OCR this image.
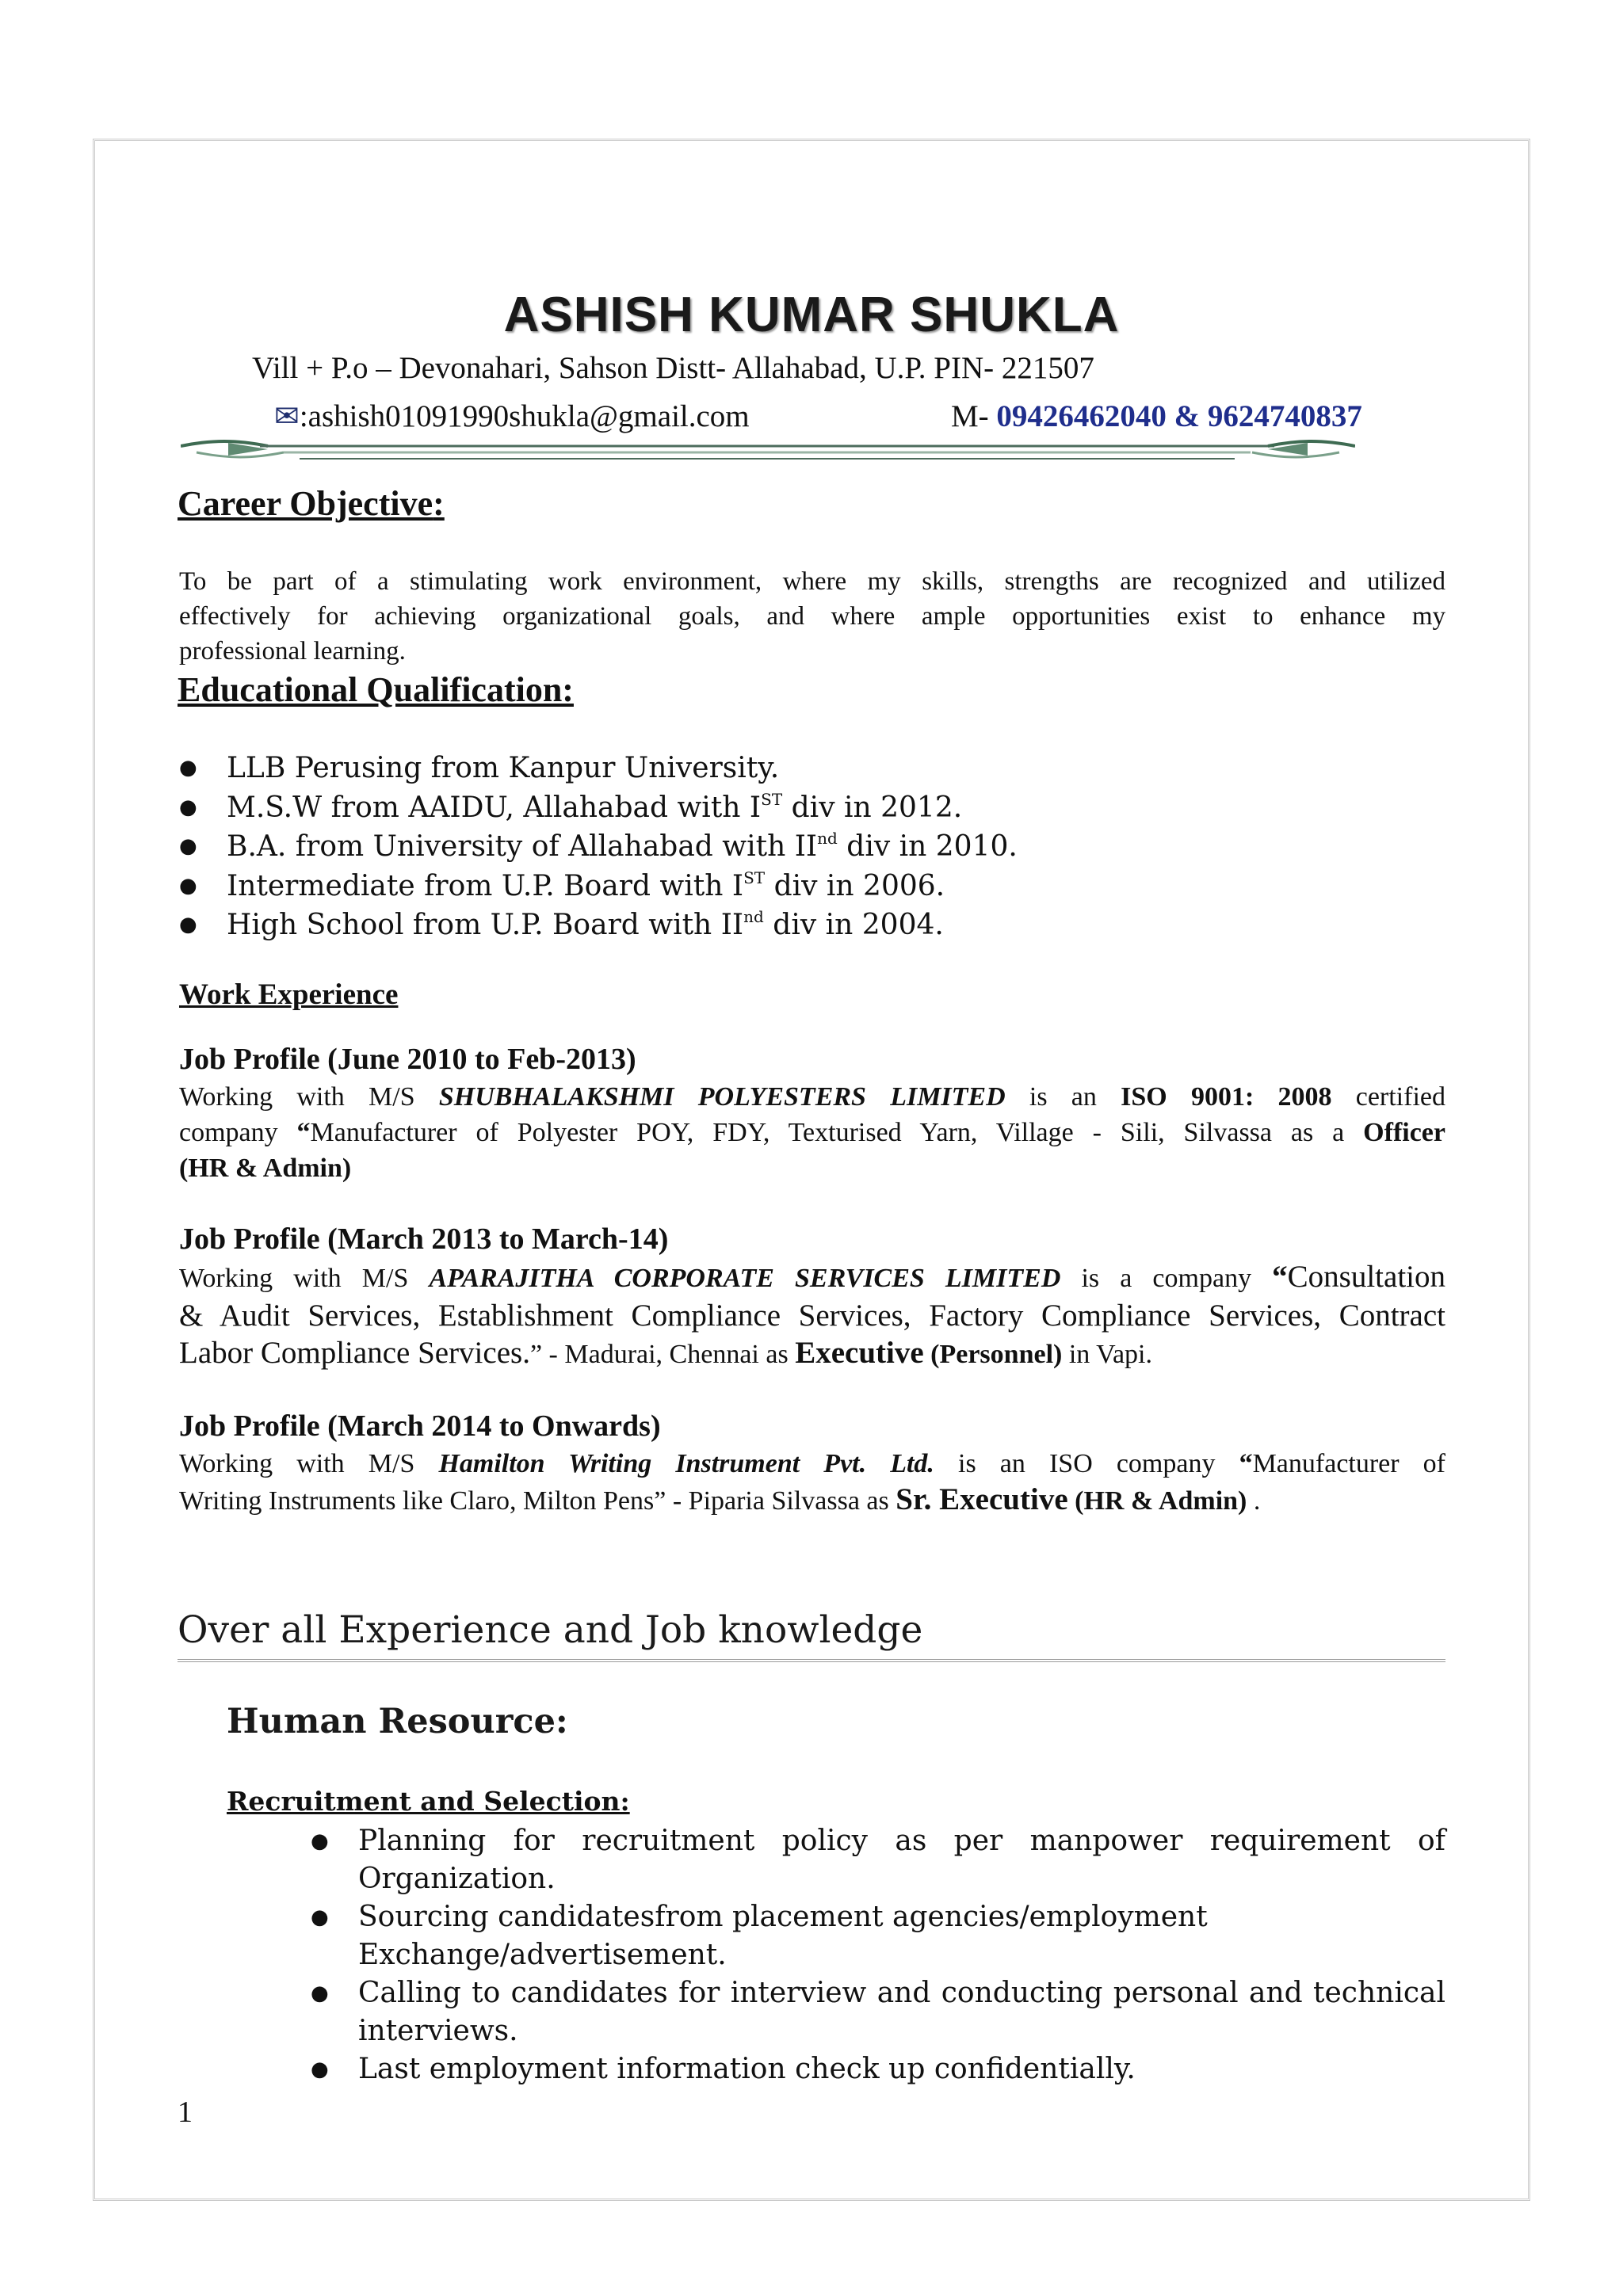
ASHISH KUMAR SHUKLA
Vill + P.o – Devonahari, Sahson Distt- Allahabad, U.P. PIN- 221507
✉:ashish01091990shukla@gmail.com	M- 09426462040 & 9624740837
Career Objective:
To be part of a stimulating work environment, where my skills, strengths are recognized and utilized
effectively for achieving organizational goals, and where ample opportunities exist to enhance my
professional learning.
Educational Qualification:
● LLB Perusing from Kanpur University.
● M.S.W from AAIDU, Allahabad with IST div in 2012.
● B.A. from University of Allahabad with IInd div in 2010.
● Intermediate from U.P. Board with IST div in 2006.
● High School from U.P. Board with IInd div in 2004.
Work Experience
Job Profile (June 2010 to Feb-2013)
Working with M/S SHUBHALAKSHMI POLYESTERS LIMITED is an ISO 9001: 2008 certified
company “Manufacturer of Polyester POY, FDY, Texturised Yarn, Village - Sili, Silvassa as a Officer
(HR & Admin)
Job Profile (March 2013 to March-14)
Working with M/S APARAJITHA CORPORATE SERVICES LIMITED is a company “Consultation
& Audit Services, Establishment Compliance Services, Factory Compliance Services, Contract
Labor Compliance Services.” - Madurai, Chennai as Executive (Personnel) in Vapi.
Job Profile (March 2014 to Onwards)
Working with M/S Hamilton Writing Instrument Pvt. Ltd. is an ISO company “Manufacturer of
Writing Instruments like Claro, Milton Pens” - Piparia Silvassa as Sr. Executive (HR & Admin) .
Over all Experience and Job knowledge
Human Resource:
Recruitment and Selection:
● Planning for recruitment policy as per manpower requirement of Organization.
● Sourcing candidatesfrom placement agencies/employment
Exchange/advertisement.
● Calling to candidates for interview and conducting personal and technical
interviews.
● Last employment information check up confidentially.
1
